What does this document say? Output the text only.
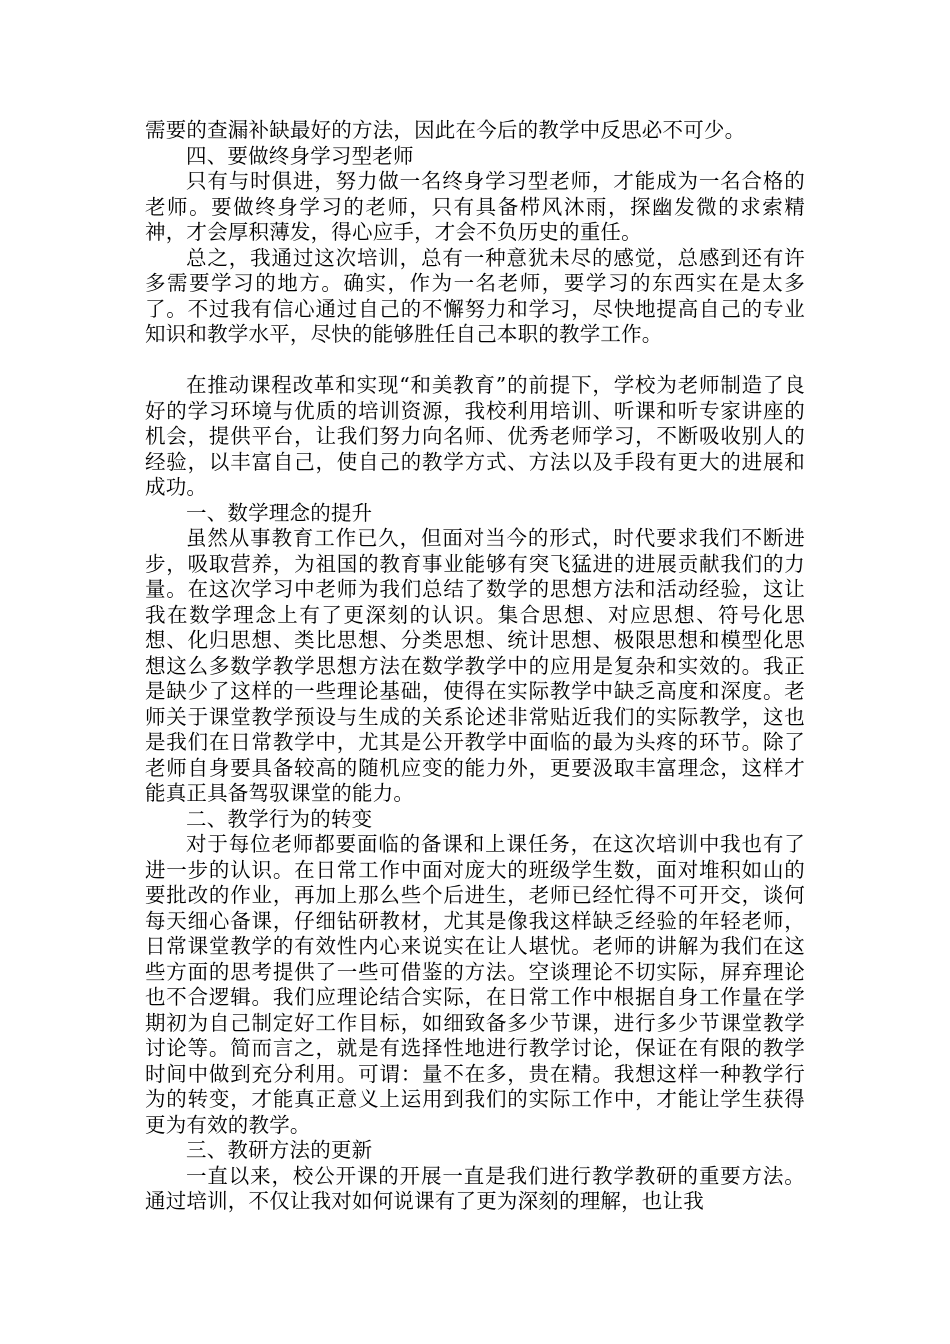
需要的查漏补缺最好的方法，因此在今后的教学中反思必不可少。

四、要做终身学习型老师

只有与时俱进，努力做一名终身学习型老师，才能成为一名合格的老师。要做终身学习的老师，只有具备栉风沐雨，探幽发微的求索精神，才会厚积薄发，得心应手，才会不负历史的重任。

总之，我通过这次培训，总有一种意犹未尽的感觉，总感到还有许多需要学习的地方。确实，作为一名老师，要学习的东西实在是太多了。不过我有信心通过自己的不懈努力和学习，尽快地提高自己的专业知识和教学水平，尽快的能够胜任自己本职的教学工作。

在推动课程改革和实现“和美教育”的前提下，学校为老师制造了良好的学习环境与优质的培训资源，我校利用培训、听课和听专家讲座的机会，提供平台，让我们努力向名师、优秀老师学习，不断吸收别人的经验，以丰富自己，使自己的教学方式、方法以及手段有更大的进展和成功。

一、数学理念的提升

虽然从事教育工作已久，但面对当今的形式，时代要求我们不断进步，吸取营养，为祖国的教育事业能够有突飞猛进的进展贡献我们的力量。在这次学习中老师为我们总结了数学的思想方法和活动经验，这让我在数学理念上有了更深刻的认识。集合思想、对应思想、符号化思想、化归思想、类比思想、分类思想、统计思想、极限思想和模型化思想这么多数学教学思想方法在数学教学中的应用是复杂和实效的。我正是缺少了这样的一些理论基础，使得在实际教学中缺乏高度和深度。老师关于课堂教学预设与生成的关系论述非常贴近我们的实际教学，这也是我们在日常教学中，尤其是公开教学中面临的最为头疼的环节。除了老师自身要具备较高的随机应变的能力外，更要汲取丰富理念，这样才能真正具备驾驭课堂的能力。

二、教学行为的转变

对于每位老师都要面临的备课和上课任务，在这次培训中我也有了进一步的认识。在日常工作中面对庞大的班级学生数，面对堆积如山的要批改的作业，再加上那么些个后进生，老师已经忙得不可开交，谈何每天细心备课，仔细钻研教材，尤其是像我这样缺乏经验的年轻老师，日常课堂教学的有效性内心来说实在让人堪忧。老师的讲解为我们在这些方面的思考提供了一些可借鉴的方法。空谈理论不切实际，屏弃理论也不合逻辑。我们应理论结合实际，在日常工作中根据自身工作量在学期初为自己制定好工作目标，如细致备多少节课，进行多少节课堂教学讨论等。简而言之，就是有选择性地进行教学讨论，保证在有限的教学时间中做到充分利用。可谓：量不在多，贵在精。我想这样一种教学行为的转变，才能真正意义上运用到我们的实际工作中，才能让学生获得更为有效的教学。

三、教研方法的更新

一直以来，校公开课的开展一直是我们进行教学教研的重要方法。通过培训，不仅让我对如何说课有了更为深刻的理解，也让我
